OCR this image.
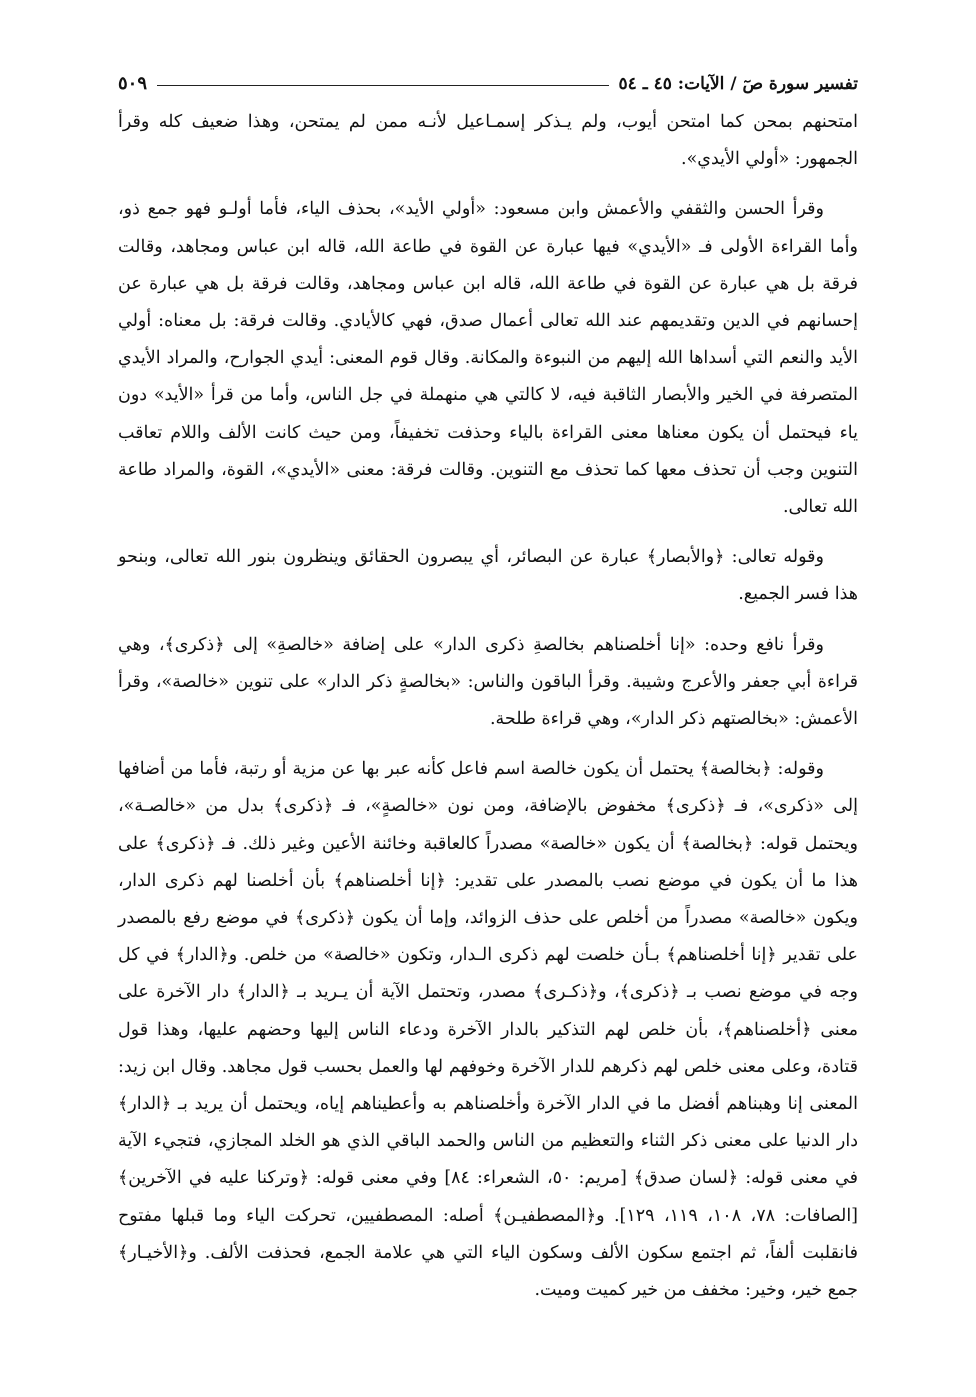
تفسير سورة صٓ / الآيات: ٤٥ ـ ٥٤
٥٠٩

امتحنهم بمحن كما امتحن أيوب، ولم يـذكر إسمـاعيل لأنـه ممن لم يمتحن، وهذا ضعيف كله وقرأ الجمهور: «أولي الأيدي».

وقرأ الحسن والثقفي والأعمش وابن مسعود: «أولي الأيد»، بحذف الياء، فأما أولـو فهو جمع ذو، وأما القراءة الأولى فـ «الأيدي» فيها عبارة عن القوة في طاعة الله، قاله ابن عباس ومجاهد، وقالت فرقة بل هي عبارة عن القوة في طاعة الله، قاله ابن عباس ومجاهد، وقالت فرقة بل هي عبارة عن إحسانهم في الدين وتقديمهم عند الله تعالى أعمال صدق، فهي كالأيادي. وقالت فرقة: بل معناه: أولي الأيد والنعم التي أسداها الله إليهم من النبوءة والمكانة. وقال قوم المعنى: أيدي الجوارح، والمراد الأيدي المتصرفة في الخير والأبصار الثاقبة فيه، لا كالتي هي منهملة في جل الناس، وأما من قرأ «الأيد» دون ياء فيحتمل أن يكون معناها معنى القراءة بالياء وحذفت تخفيفاً، ومن حيث كانت الألف واللام تعاقب التنوين وجب أن تحذف معها كما تحذف مع التنوين. وقالت فرقة: معنى «الأيدي»، القوة، والمراد طاعة الله تعالى.

وقوله تعالى: ﴿والأبصار﴾ عبارة عن البصائر، أي يبصرون الحقائق وينظرون بنور الله تعالى، وبنحو هذا فسر الجميع.

وقرأ نافع وحده: «إنا أخلصناهم بخالصةِ ذكرى الدار» على إضافة «خالصةِ» إلى ﴿ذكرى﴾، وهي قراءة أبي جعفر والأعرج وشيبة. وقرأ الباقون والناس: «بخالصةٍ ذكر الدار» على تنوين «خالصة»، وقرأ الأعمش: «بخالصتهم ذكر الدار»، وهي قراءة طلحة.

وقوله: ﴿بخالصة﴾ يحتمل أن يكون خالصة اسم فاعل كأنه عبر بها عن مزية أو رتبة، فأما من أضافها إلى «ذكرى»، فـ ﴿ذكرى﴾ مخفوض بالإضافة، ومن نون «خالصةٍ»، فـ ﴿ذكرى﴾ بدل من «خالصـة»، ويحتمل قوله: ﴿بخالصة﴾ أن يكون «خالصة» مصدراً كالعاقبة وخائنة الأعين وغير ذلك. فـ ﴿ذكرى﴾ على هذا ما أن يكون في موضع نصب بالمصدر على تقدير: ﴿إنا أخلصناهم﴾ بأن أخلصنا لهم ذكرى الدار، ويكون «خالصة» مصدراً من أخلص على حذف الزوائد، وإما أن يكون ﴿ذكرى﴾ في موضع رفع بالمصدر على تقدير ﴿إنا أخلصناهم﴾ بـأن خلصت لهم ذكرى الـدار، وتكون «خالصة» من خلص. و﴿الدار﴾ في كل وجه في موضع نصب بـ ﴿ذكرى﴾، و﴿ذكـرى﴾ مصدر، وتحتمل الآية أن يـريد بـ ﴿الدار﴾ دار الآخرة على معنى ﴿أخلصناهم﴾، بأن خلص لهم التذكير بالدار الآخرة ودعاء الناس إليها وحضهم عليها، وهذا قول قتادة، وعلى معنى خلص لهم ذكرهم للدار الآخرة وخوفهم لها والعمل بحسب قول مجاهد. وقال ابن زيد: المعنى إنا وهبناهم أفضل ما في الدار الآخرة وأخلصناهم به وأعطيناهم إياه، ويحتمل أن يريد بـ ﴿الدار﴾ دار الدنيا على معنى ذكر الثناء والتعظيم من الناس والحمد الباقي الذي هو الخلد المجازي، فتجيء الآية في معنى قوله: ﴿لسان صدق﴾ [مريم: ٥٠، الشعراء: ٨٤] وفي معنى قوله: ﴿وتركنا عليه في الآخرين﴾ [الصافات: ٧٨، ١٠٨، ١١٩، ١٢٩]. و﴿المصطفيـن﴾ أصله: المصطفيين، تحركت الياء وما قبلها مفتوح فانقلبت ألفاً، ثم اجتمع سكون الألف وسكون الياء التي هي علامة الجمع، فحذفت الألف. و﴿الأخيـار﴾ جمع خير، وخير: مخفف من خير كميت وميت.
